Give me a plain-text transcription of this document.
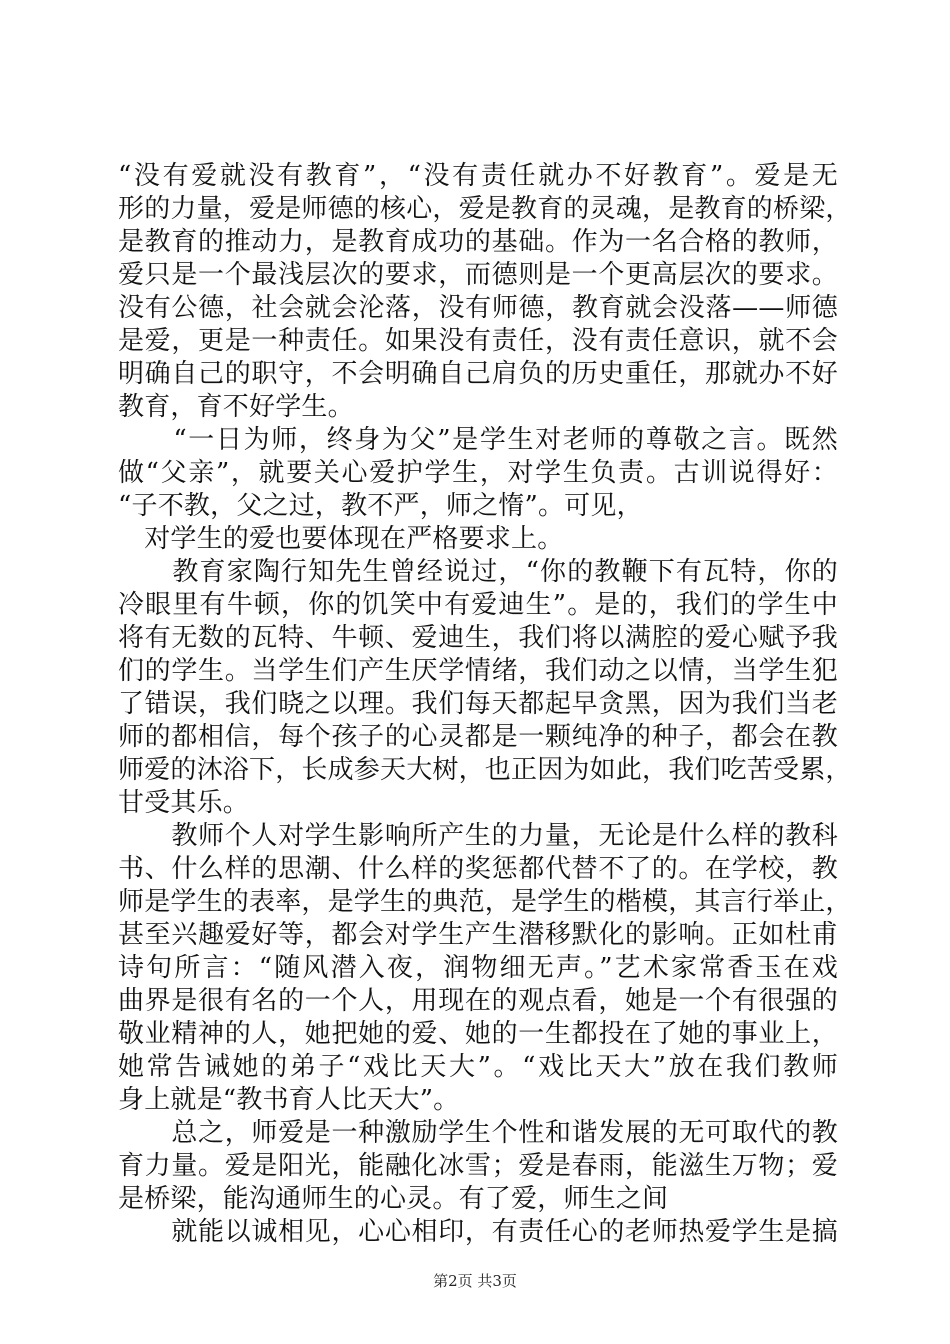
“没有爱就没有教育”，“没有责任就办不好教育”。爱是无
形的力量，爱是师德的核心，爱是教育的灵魂，是教育的桥梁，
是教育的推动力，是教育成功的基础。作为一名合格的教师，
爱只是一个最浅层次的要求，而德则是一个更高层次的要求。
没有公德，社会就会沦落，没有师德，教育就会没落——师德
是爱，更是一种责任。如果没有责任，没有责任意识，就不会
明确自己的职守，不会明确自己肩负的历史重任，那就办不好
教育，育不好学生。
　　“一日为师，终身为父”是学生对老师的尊敬之言。既然
做“父亲”，就要关心爱护学生，对学生负责。古训说得好：
“子不教，父之过，教不严，师之惰”。可见，
　对学生的爱也要体现在严格要求上。
　　教育家陶行知先生曾经说过，“你的教鞭下有瓦特，你的
冷眼里有牛顿，你的饥笑中有爱迪生”。是的，我们的学生中
将有无数的瓦特、牛顿、爱迪生，我们将以满腔的爱心赋予我
们的学生。当学生们产生厌学情绪，我们动之以情，当学生犯
了错误，我们晓之以理。我们每天都起早贪黑，因为我们当老
师的都相信，每个孩子的心灵都是一颗纯净的种子，都会在教
师爱的沐浴下，长成参天大树，也正因为如此，我们吃苦受累，
甘受其乐。
　　教师个人对学生影响所产生的力量，无论是什么样的教科
书、什么样的思潮、什么样的奖惩都代替不了的。在学校，教
师是学生的表率，是学生的典范，是学生的楷模，其言行举止，
甚至兴趣爱好等，都会对学生产生潜移默化的影响。正如杜甫
诗句所言：“随风潜入夜，润物细无声。”艺术家常香玉在戏
曲界是很有名的一个人，用现在的观点看，她是一个有很强的
敬业精神的人，她把她的爱、她的一生都投在了她的事业上，
她常告诫她的弟子“戏比天大”。“戏比天大”放在我们教师
身上就是“教书育人比天大”。
　　总之，师爱是一种激励学生个性和谐发展的无可取代的教
育力量。爱是阳光，能融化冰雪；爱是春雨，能滋生万物；爱
是桥梁，能沟通师生的心灵。有了爱，师生之间
　　就能以诚相见，心心相印，有责任心的老师热爱学生是搞
第2页 共3页
